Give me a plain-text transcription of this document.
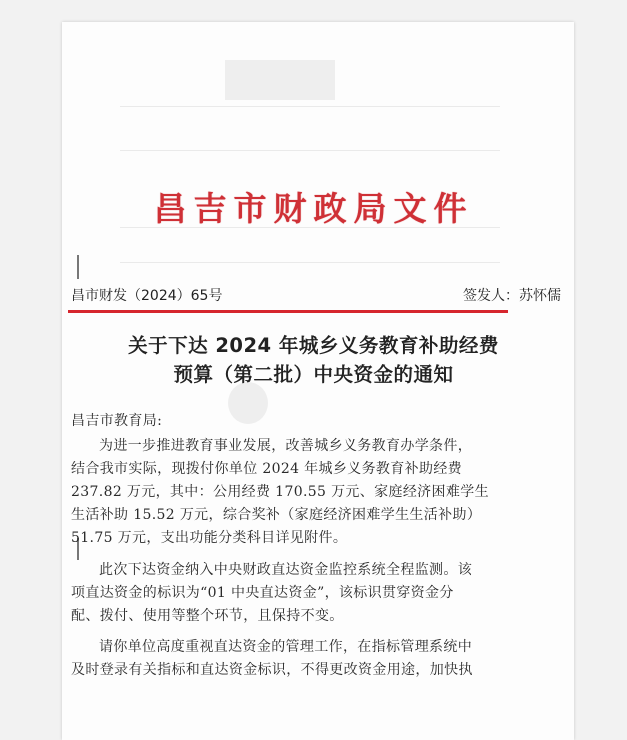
昌吉市财政局文件
昌市财发（2024）65号	签发人：苏怀儒
关于下达 2024 年城乡义务教育补助经费
预算（第二批）中央资金的通知
昌吉市教育局:
为进一步推进教育事业发展，改善城乡义务教育办学条件，
结合我市实际，现拨付你单位 2024 年城乡义务教育补助经费
237.82 万元，其中：公用经费 170.55 万元、家庭经济困难学生
生活补助 15.52 万元，综合奖补（家庭经济困难学生生活补助）
51.75 万元，支出功能分类科目详见附件。
此次下达资金纳入中央财政直达资金监控系统全程监测。该
项直达资金的标识为“01 中央直达资金”，该标识贯穿资金分
配、拨付、使用等整个环节，且保持不变。
请你单位高度重视直达资金的管理工作，在指标管理系统中
及时登录有关指标和直达资金标识，不得更改资金用途，加快执
